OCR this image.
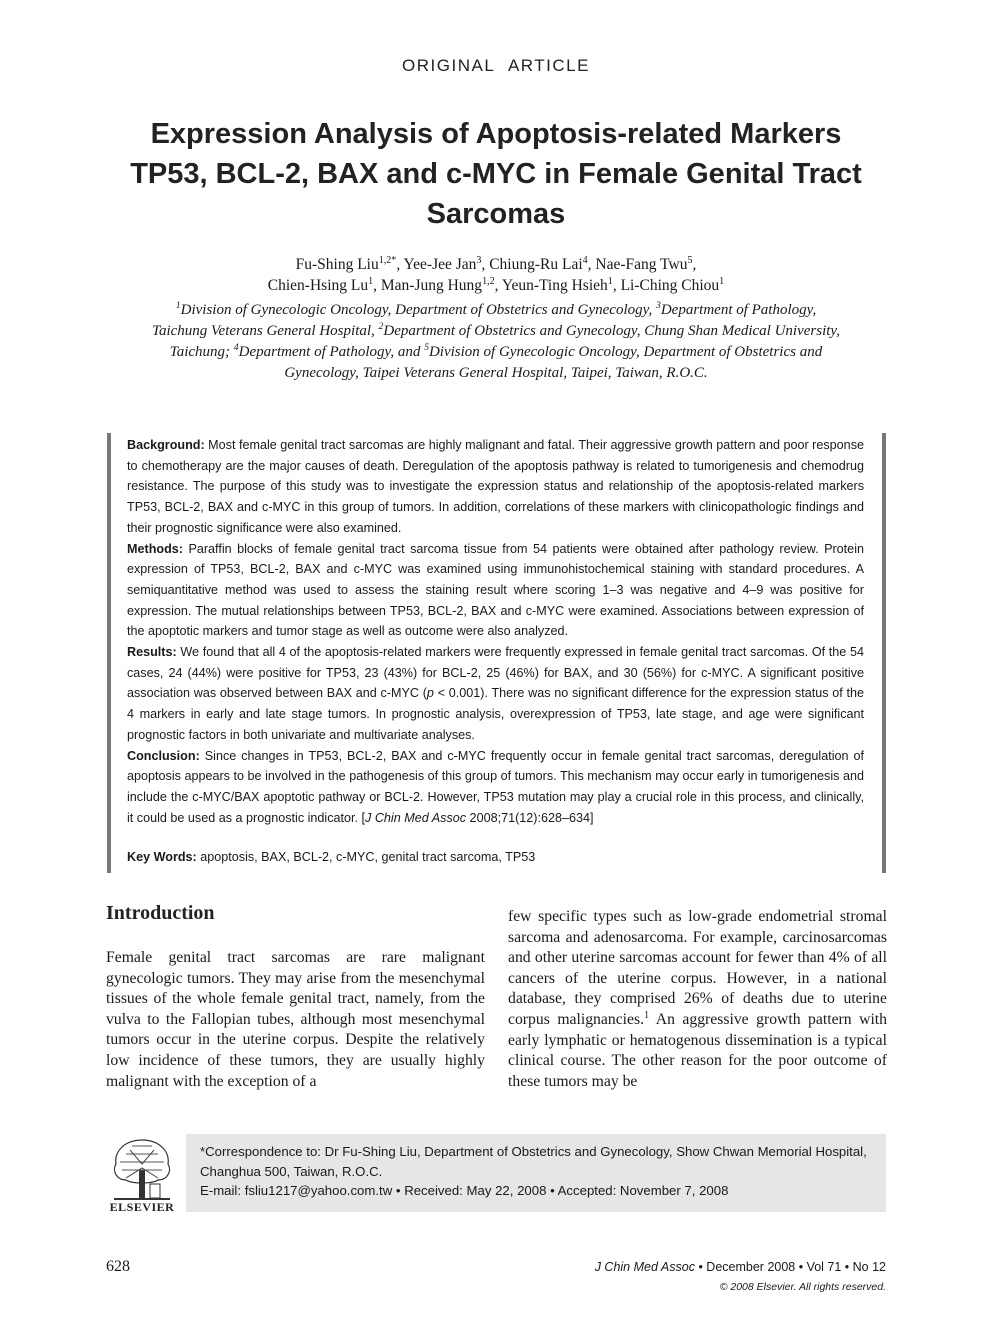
ORIGINAL ARTICLE
Expression Analysis of Apoptosis-related Markers TP53, BCL-2, BAX and c-MYC in Female Genital Tract Sarcomas
Fu-Shing Liu$^{1,2*}$, Yee-Jee Jan$^3$, Chiung-Ru Lai$^4$, Nae-Fang Twu$^5$,
Chien-Hsing Lu$^1$, Man-Jung Hung$^{1,2}$, Yeun-Ting Hsieh$^1$, Li-Ching Chiou$^1$
$^1$Division of Gynecologic Oncology, Department of Obstetrics and Gynecology, $^3$Department of Pathology, Taichung Veterans General Hospital, $^2$Department of Obstetrics and Gynecology, Chung Shan Medical University, Taichung; $^4$Department of Pathology, and $^5$Division of Gynecologic Oncology, Department of Obstetrics and Gynecology, Taipei Veterans General Hospital, Taipei, Taiwan, R.O.C.

Background: Most female genital tract sarcomas are highly malignant and fatal. Their aggressive growth pattern and poor response to chemotherapy are the major causes of death. Deregulation of the apoptosis pathway is related to tumorigenesis and chemodrug resistance. The purpose of this study was to investigate the expression status and relationship of the apoptosis-related markers TP53, BCL-2, BAX and c-MYC in this group of tumors. In addition, correlations of these markers with clinicopathologic findings and their prognostic significance were also examined.

Methods: Paraffin blocks of female genital tract sarcoma tissue from 54 patients were obtained after pathology review. Protein expression of TP53, BCL-2, BAX and c-MYC was examined using immunohistochemical staining with standard procedures. A semiquantitative method was used to assess the staining result where scoring 1–3 was negative and 4–9 was positive for expression. The mutual relationships between TP53, BCL-2, BAX and c-MYC were examined. Associations between expression of the apoptotic markers and tumor stage as well as outcome were also analyzed.

Results: We found that all 4 of the apoptosis-related markers were frequently expressed in female genital tract sarcomas. Of the 54 cases, 24 (44%) were positive for TP53, 23 (43%) for BCL-2, 25 (46%) for BAX, and 30 (56%) for c-MYC. A significant positive association was observed between BAX and c-MYC (p < 0.001). There was no significant difference for the expression status of the 4 markers in early and late stage tumors. In prognostic analysis, overexpression of TP53, late stage, and age were significant prognostic factors in both univariate and multivariate analyses.

Conclusion: Since changes in TP53, BCL-2, BAX and c-MYC frequently occur in female genital tract sarcomas, deregulation of apoptosis appears to be involved in the pathogenesis of this group of tumors. This mechanism may occur early in tumorigenesis and include the c-MYC/BAX apoptotic pathway or BCL-2. However, TP53 mutation may play a crucial role in this process, and clinically, it could be used as a prognostic indicator. [J Chin Med Assoc 2008;71(12):628–634]

Key Words: apoptosis, BAX, BCL-2, c-MYC, genital tract sarcoma, TP53

Introduction

Female genital tract sarcomas are rare malignant gynecologic tumors. They may arise from the mesenchymal tissues of the whole female genital tract, namely, from the vulva to the Fallopian tubes, although most mesenchymal tumors occur in the uterine corpus. Despite the relatively low incidence of these tumors, they are usually highly malignant with the exception of a

few specific types such as low-grade endometrial stromal sarcoma and adenosarcoma. For example, carcinosarcomas and other uterine sarcomas account for fewer than 4% of all cancers of the uterine corpus. However, in a national database, they comprised 26% of deaths due to uterine corpus malignancies.$^1$ An aggressive growth pattern with early lymphatic or hematogenous dissemination is a typical clinical course. The other reason for the poor outcome of these tumors may be

ELSEVIER

*Correspondence to: Dr Fu-Shing Liu, Department of Obstetrics and Gynecology, Show Chwan Memorial Hospital, Changhua 500, Taiwan, R.O.C.

E-mail: fsliu1217@yahoo.com.tw • Received: May 22, 2008 • Accepted: November 7, 2008

628	J Chin Med Assoc • December 2008 • Vol 71 • No 12
© 2008 Elsevier. All rights reserved.
